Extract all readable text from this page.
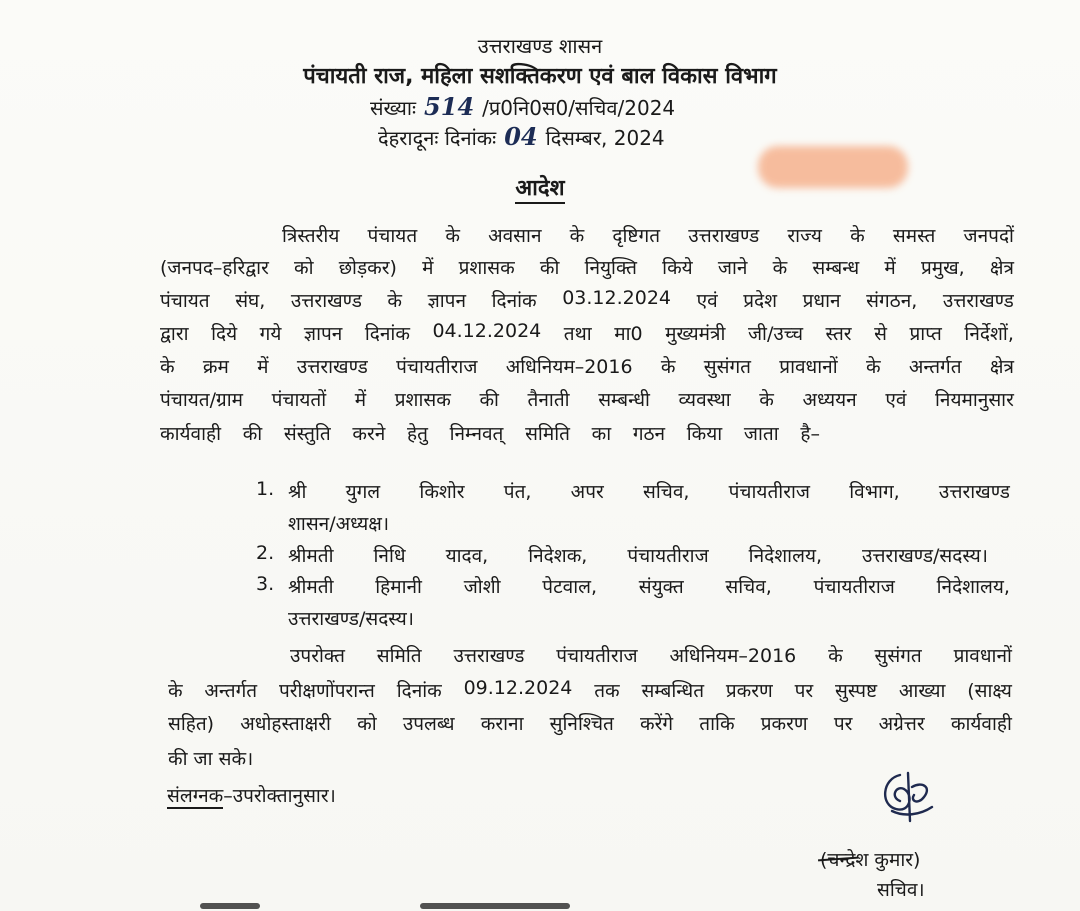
उत्तराखण्ड शासन
पंचायती राज, महिला सशक्तिकरण एवं बाल विकास विभाग
संख्याः 514 /प्र0नि0स0/सचिव/2024
देहरादूनः दिनांकः 04 दिसम्बर, 2024
आदेश
त्रिस्तरीय पंचायत के अवसान के दृष्टिगत उत्तराखण्ड राज्य के समस्त जनपदों
(जनपद–हरिद्वार को छोड़कर) में प्रशासक की नियुक्ति किये जाने के सम्बन्ध में प्रमुख, क्षेत्र
पंचायत संघ, उत्तराखण्ड के ज्ञापन दिनांक 03.12.2024 एवं प्रदेश प्रधान संगठन, उत्तराखण्ड
द्वारा दिये गये ज्ञापन दिनांक 04.12.2024 तथा मा0 मुख्यमंत्री जी/उच्च स्तर से प्राप्त निर्देशों,
के क्रम में उत्तराखण्ड पंचायतीराज अधिनियम–2016 के सुसंगत प्रावधानों के अन्तर्गत क्षेत्र
पंचायत/ग्राम पंचायतों में प्रशासक की तैनाती सम्बन्धी व्यवस्था के अध्ययन एवं नियमानुसार
कार्यवाही की संस्तुति करने हेतु निम्नवत् समिति का गठन किया जाता है–
1. श्री युगल किशोर पंत, अपर सचिव, पंचायतीराज विभाग, उत्तराखण्ड
शासन/अध्यक्ष।
2. श्रीमती निधि यादव, निदेशक, पंचायतीराज निदेशालय, उत्तराखण्ड/सदस्य।
3. श्रीमती हिमानी जोशी पेटवाल, संयुक्त सचिव, पंचायतीराज निदेशालय,
उत्तराखण्ड/सदस्य।
उपरोक्त समिति उत्तराखण्ड पंचायतीराज अधिनियम–2016 के सुसंगत प्रावधानों
के अन्तर्गत परीक्षणोंपरान्त दिनांक 09.12.2024 तक सम्बन्धित प्रकरण पर सुस्पष्ट आख्या (साक्ष्य
सहित) अधोहस्ताक्षरी को उपलब्ध कराना सुनिश्चित करेंगे ताकि प्रकरण पर अग्रेत्तर कार्यवाही
की जा सके।
संलग्नक–उपरोक्तानुसार।
(चन्द्रेश कुमार)
सचिव।
